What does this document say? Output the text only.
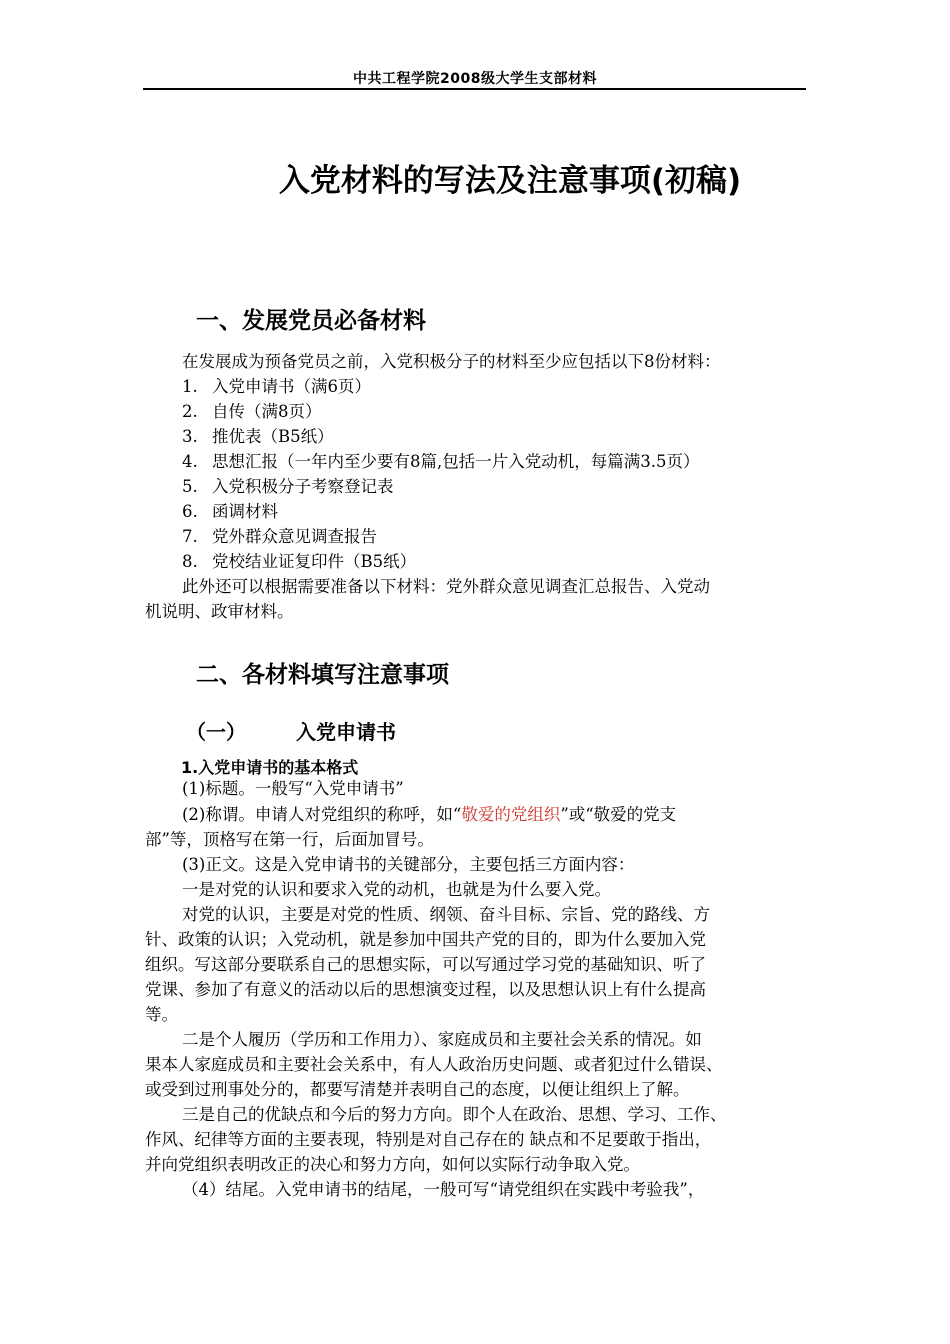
中共工程学院2008级大学生支部材料
入党材料的写法及注意事项(初稿)
一、发展党员必备材料
在发展成为预备党员之前，入党积极分子的材料至少应包括以下8份材料：
1. 入党申请书（满6页）
2. 自传（满8页）
3. 推优表（B5纸）
4. 思想汇报（一年内至少要有8篇,包括一片入党动机，每篇满3.5页）
5. 入党积极分子考察登记表
6. 函调材料
7. 党外群众意见调查报告
8. 党校结业证复印件（B5纸）
此外还可以根据需要准备以下材料：党外群众意见调查汇总报告、入党动
机说明、政审材料。
二、各材料填写注意事项
（一）	入党申请书
1.入党申请书的基本格式
(1)标题。一般写“入党申请书”
(2)称谓。申请人对党组织的称呼，如“敬爱的党组织”或“敬爱的党支
部”等，顶格写在第一行，后面加冒号。
(3)正文。这是入党申请书的关键部分，主要包括三方面内容：
一是对党的认识和要求入党的动机，也就是为什么要入党。
对党的认识，主要是对党的性质、纲领、奋斗目标、宗旨、党的路线、方
针、政策的认识；入党动机，就是参加中国共产党的目的，即为什么要加入党
组织。写这部分要联系自己的思想实际，可以写通过学习党的基础知识、听了
党课、参加了有意义的活动以后的思想演变过程，以及思想认识上有什么提高
等。
二是个人履历（学历和工作用力）、家庭成员和主要社会关系的情况。如
果本人家庭成员和主要社会关系中，有人人政治历史问题、或者犯过什么错误、
或受到过刑事处分的，都要写清楚并表明自己的态度，以便让组织上了解。
三是自己的优缺点和今后的努力方向。即个人在政治、思想、学习、工作、
作风、纪律等方面的主要表现，特别是对自己存在的 缺点和不足要敢于指出，
并向党组织表明改正的决心和努力方向，如何以实际行动争取入党。
（4）结尾。入党申请书的结尾，一般可写“请党组织在实践中考验我”，
